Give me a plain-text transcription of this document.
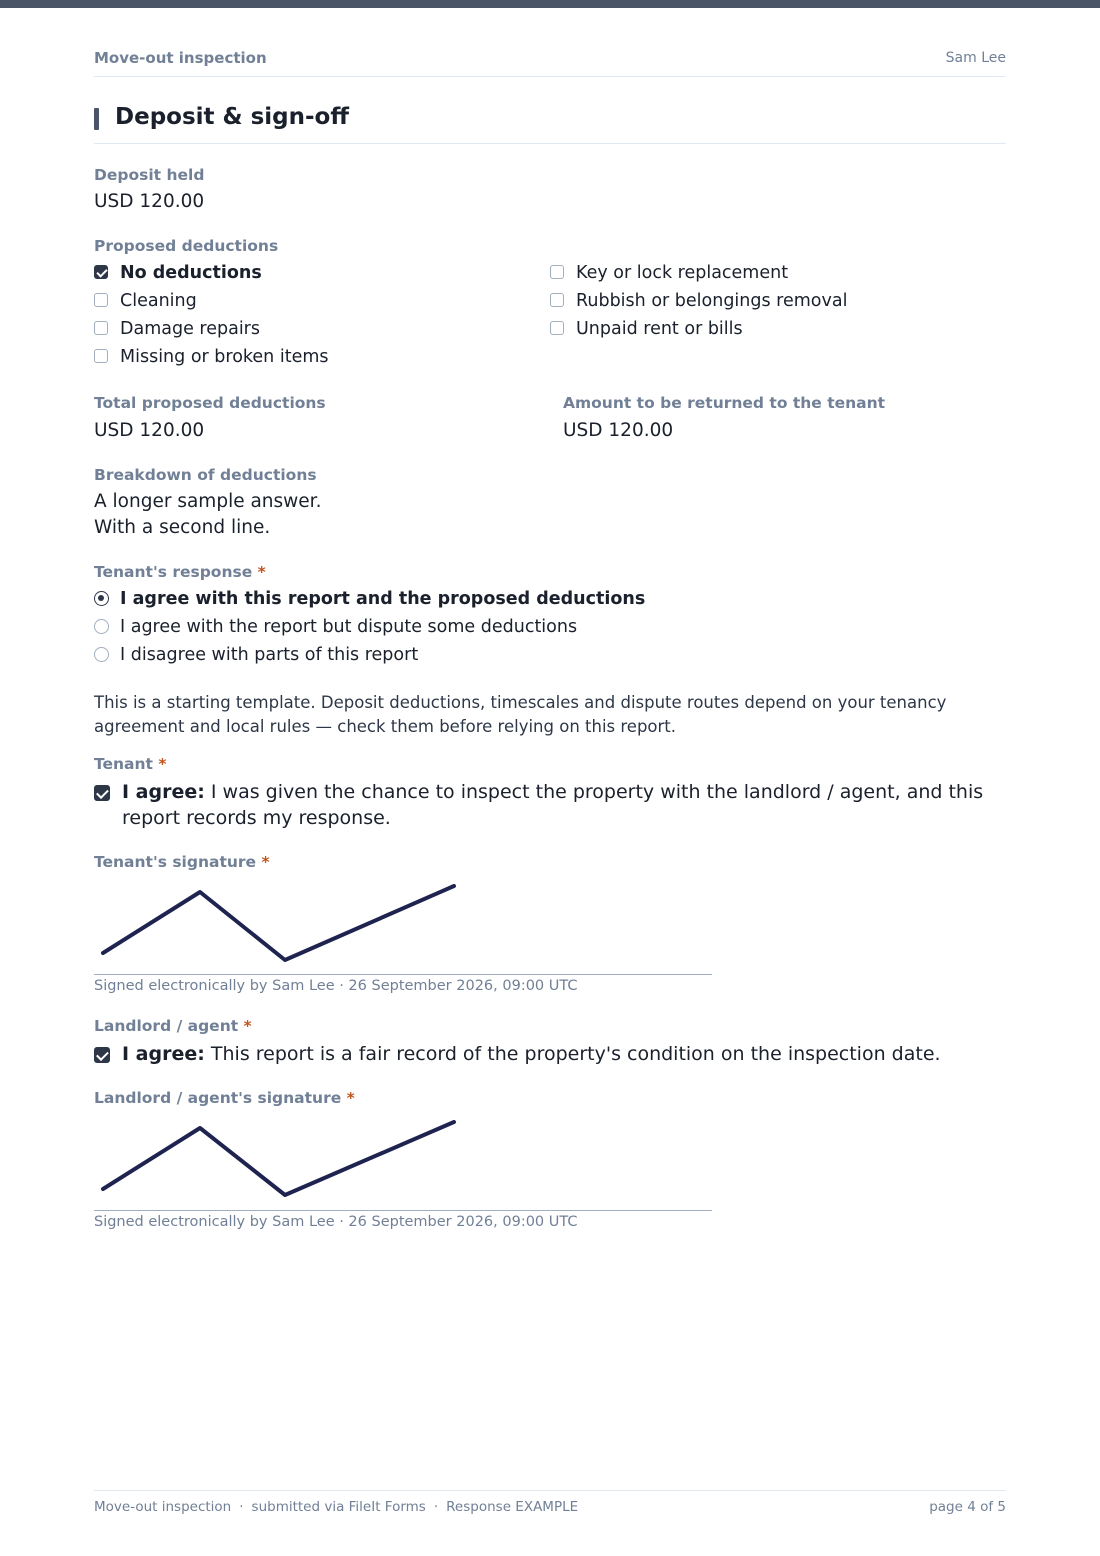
Move-out inspection	Sam Lee
Deposit & sign-off
Deposit held
USD 120.00
Proposed deductions
No deductions
Cleaning
Damage repairs
Missing or broken items
Key or lock replacement
Rubbish or belongings removal
Unpaid rent or bills
Total proposed deductions
USD 120.00
Amount to be returned to the tenant
USD 120.00
Breakdown of deductions
A longer sample answer.
With a second line.
Tenant's response *
I agree with this report and the proposed deductions
I agree with the report but dispute some deductions
I disagree with parts of this report
This is a starting template. Deposit deductions, timescales and dispute routes depend on your tenancy agreement and local rules — check them before relying on this report.
Tenant *
I agree: I was given the chance to inspect the property with the landlord / agent, and this report records my response.
Tenant's signature *
Signed electronically by Sam Lee · 26 September 2026, 09:00 UTC
Landlord / agent *
I agree: This report is a fair record of the property's condition on the inspection date.
Landlord / agent's signature *
Signed electronically by Sam Lee · 26 September 2026, 09:00 UTC
Move-out inspection · submitted via FileIt Forms · Response EXAMPLE	page 4 of 5
